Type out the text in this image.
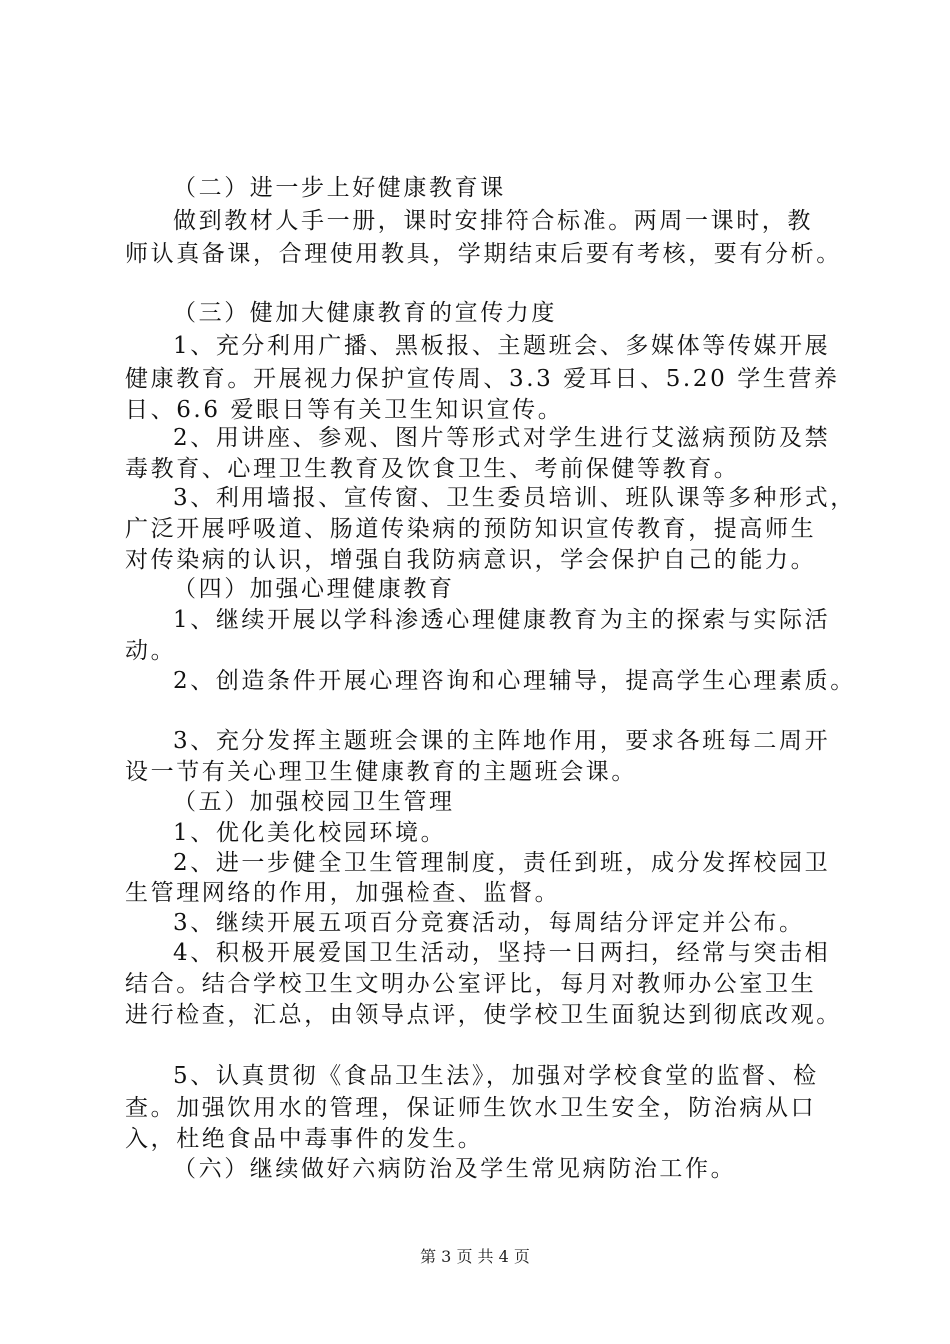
（二）进一步上好健康教育课
做到教材人手一册，课时安排符合标准。两周一课时，教
师认真备课，合理使用教具，学期结束后要有考核，要有分析。
（三）健加大健康教育的宣传力度
1、充分利用广播、黑板报、主题班会、多媒体等传媒开展
健康教育。开展视力保护宣传周、3.3 爱耳日、5.20 学生营养
日、6.6 爱眼日等有关卫生知识宣传。
2、用讲座、参观、图片等形式对学生进行艾滋病预防及禁
毒教育、心理卫生教育及饮食卫生、考前保健等教育。
3、利用墙报、宣传窗、卫生委员培训、班队课等多种形式，
广泛开展呼吸道、肠道传染病的预防知识宣传教育，提高师生
对传染病的认识，增强自我防病意识，学会保护自己的能力。
（四）加强心理健康教育
1、继续开展以学科渗透心理健康教育为主的探索与实际活
动。
2、创造条件开展心理咨询和心理辅导，提高学生心理素质。
3、充分发挥主题班会课的主阵地作用，要求各班每二周开
设一节有关心理卫生健康教育的主题班会课。
（五）加强校园卫生管理
1、优化美化校园环境。
2、进一步健全卫生管理制度，责任到班，成分发挥校园卫
生管理网络的作用，加强检查、监督。
3、继续开展五项百分竞赛活动，每周结分评定并公布。
4、积极开展爱国卫生活动，坚持一日两扫，经常与突击相
结合。结合学校卫生文明办公室评比，每月对教师办公室卫生
进行检查，汇总，由领导点评，使学校卫生面貌达到彻底改观。
5、认真贯彻《食品卫生法》，加强对学校食堂的监督、检
查。加强饮用水的管理，保证师生饮水卫生安全，防治病从口
入，杜绝食品中毒事件的发生。
（六）继续做好六病防治及学生常见病防治工作。
第 3 页 共 4 页
